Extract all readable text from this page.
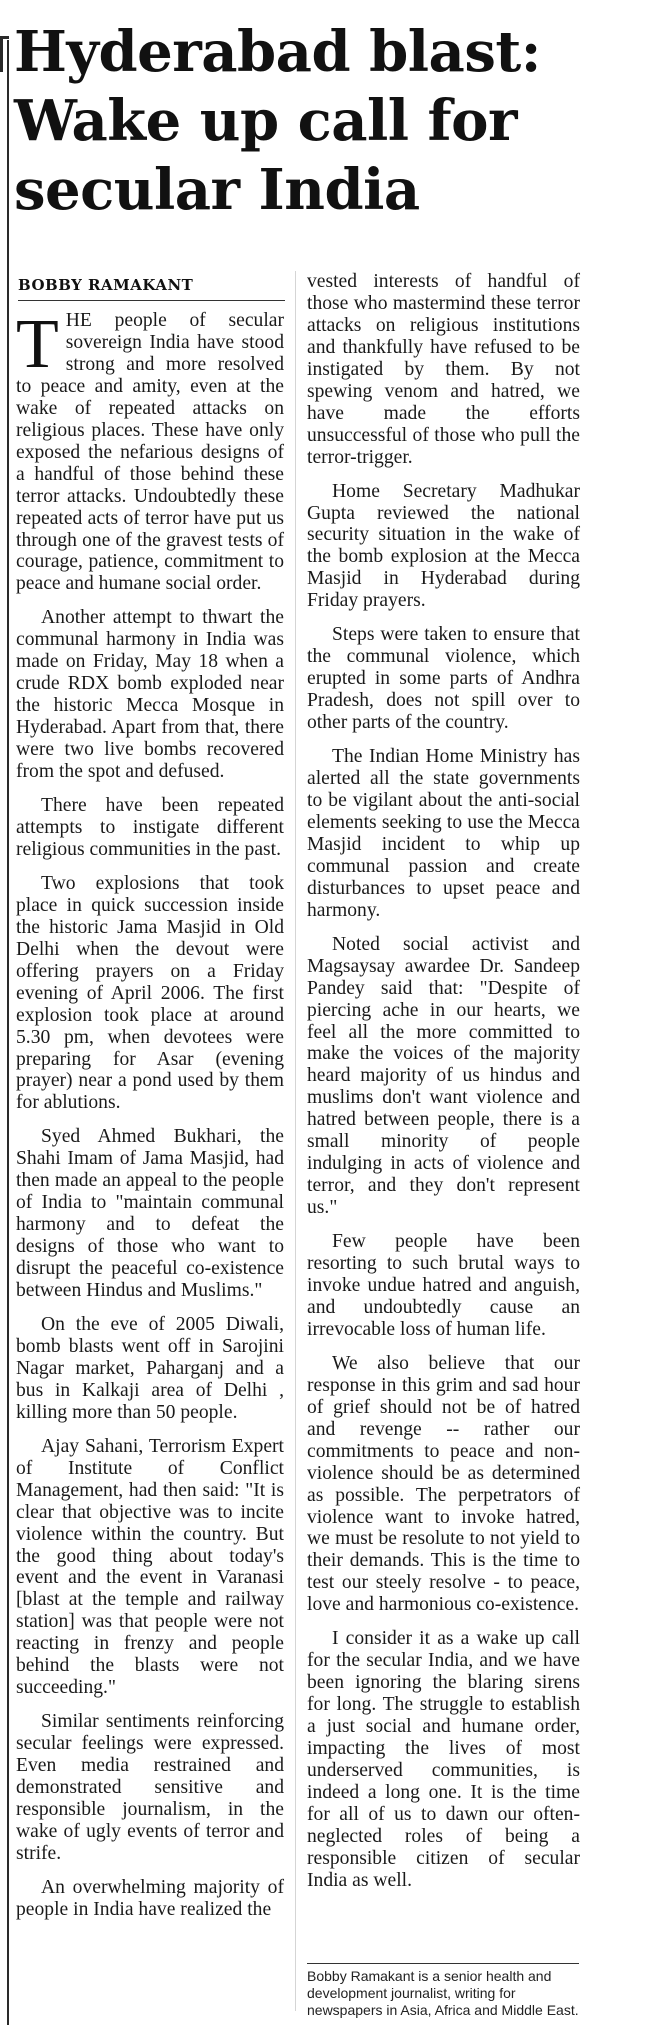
Hyderabad blast:
Wake up call for
secular India
BOBBY RAMAKANT

THE people of secular sovereign India have stood strong and more resolved to peace and amity, even at the wake of repeated attacks on religious places. These have only exposed the nefarious designs of a handful of those behind these terror attacks. Undoubtedly these repeated acts of terror have put us through one of the gravest tests of courage, patience, commitment to peace and humane social order.

Another attempt to thwart the communal harmony in India was made on Friday, May 18 when a crude RDX bomb exploded near the historic Mecca Mosque in Hyderabad. Apart from that, there were two live bombs recovered from the spot and defused.

There have been repeated attempts to instigate different religious communities in the past.

Two explosions that took place in quick succession inside the historic Jama Masjid in Old Delhi when the devout were offering prayers on a Friday evening of April 2006. The first explosion took place at around 5.30 pm, when devotees were preparing for Asar (evening prayer) near a pond used by them for ablutions.

Syed Ahmed Bukhari, the Shahi Imam of Jama Masjid, had then made an appeal to the people of India to "maintain communal harmony and to defeat the designs of those who want to disrupt the peaceful co-existence between Hindus and Muslims."

On the eve of 2005 Diwali, bomb blasts went off in Sarojini Nagar market, Paharganj and a bus in Kalkaji area of Delhi , killing more than 50 people.

Ajay Sahani, Terrorism Expert of Institute of Conflict Management, had then said: "It is clear that objective was to incite violence within the country. But the good thing about today's event and the event in Varanasi [blast at the temple and railway station] was that people were not reacting in frenzy and people behind the blasts were not succeeding."

Similar sentiments reinforcing secular feelings were expressed. Even media restrained and demonstrated sensitive and responsible journalism, in the wake of ugly events of terror and strife.

An overwhelming majority of people in India have realized the

vested interests of handful of those who mastermind these terror attacks on religious institutions and thankfully have refused to be instigated by them. By not spewing venom and hatred, we have made the efforts unsuccessful of those who pull the terror-trigger.

Home Secretary Madhukar Gupta reviewed the national security situation in the wake of the bomb explosion at the Mecca Masjid in Hyderabad during Friday prayers.

Steps were taken to ensure that the communal violence, which erupted in some parts of Andhra Pradesh, does not spill over to other parts of the country.

The Indian Home Ministry has alerted all the state governments to be vigilant about the anti-social elements seeking to use the Mecca Masjid incident to whip up communal passion and create disturbances to upset peace and harmony.

Noted social activist and Magsaysay awardee Dr. Sandeep Pandey said that: "Despite of piercing ache in our hearts, we feel all the more committed to make the voices of the majority heard majority of us hindus and muslims don't want violence and hatred between people, there is a small minority of people indulging in acts of violence and terror, and they don't represent us."

Few people have been resorting to such brutal ways to invoke undue hatred and anguish, and undoubtedly cause an irrevocable loss of human life.

We also believe that our response in this grim and sad hour of grief should not be of hatred and revenge -- rather our commitments to peace and non-violence should be as determined as possible. The perpetrators of violence want to invoke hatred, we must be resolute to not yield to their demands. This is the time to test our steely resolve - to peace, love and harmonious co-existence.

I consider it as a wake up call for the secular India, and we have been ignoring the blaring sirens for long. The struggle to establish a just social and humane order, impacting the lives of most underserved communities, is indeed a long one. It is the time for all of us to dawn our often-neglected roles of being a responsible citizen of secular India as well.

Bobby Ramakant is a senior health and development journalist, writing for newspapers in Asia, Africa and Middle East.
